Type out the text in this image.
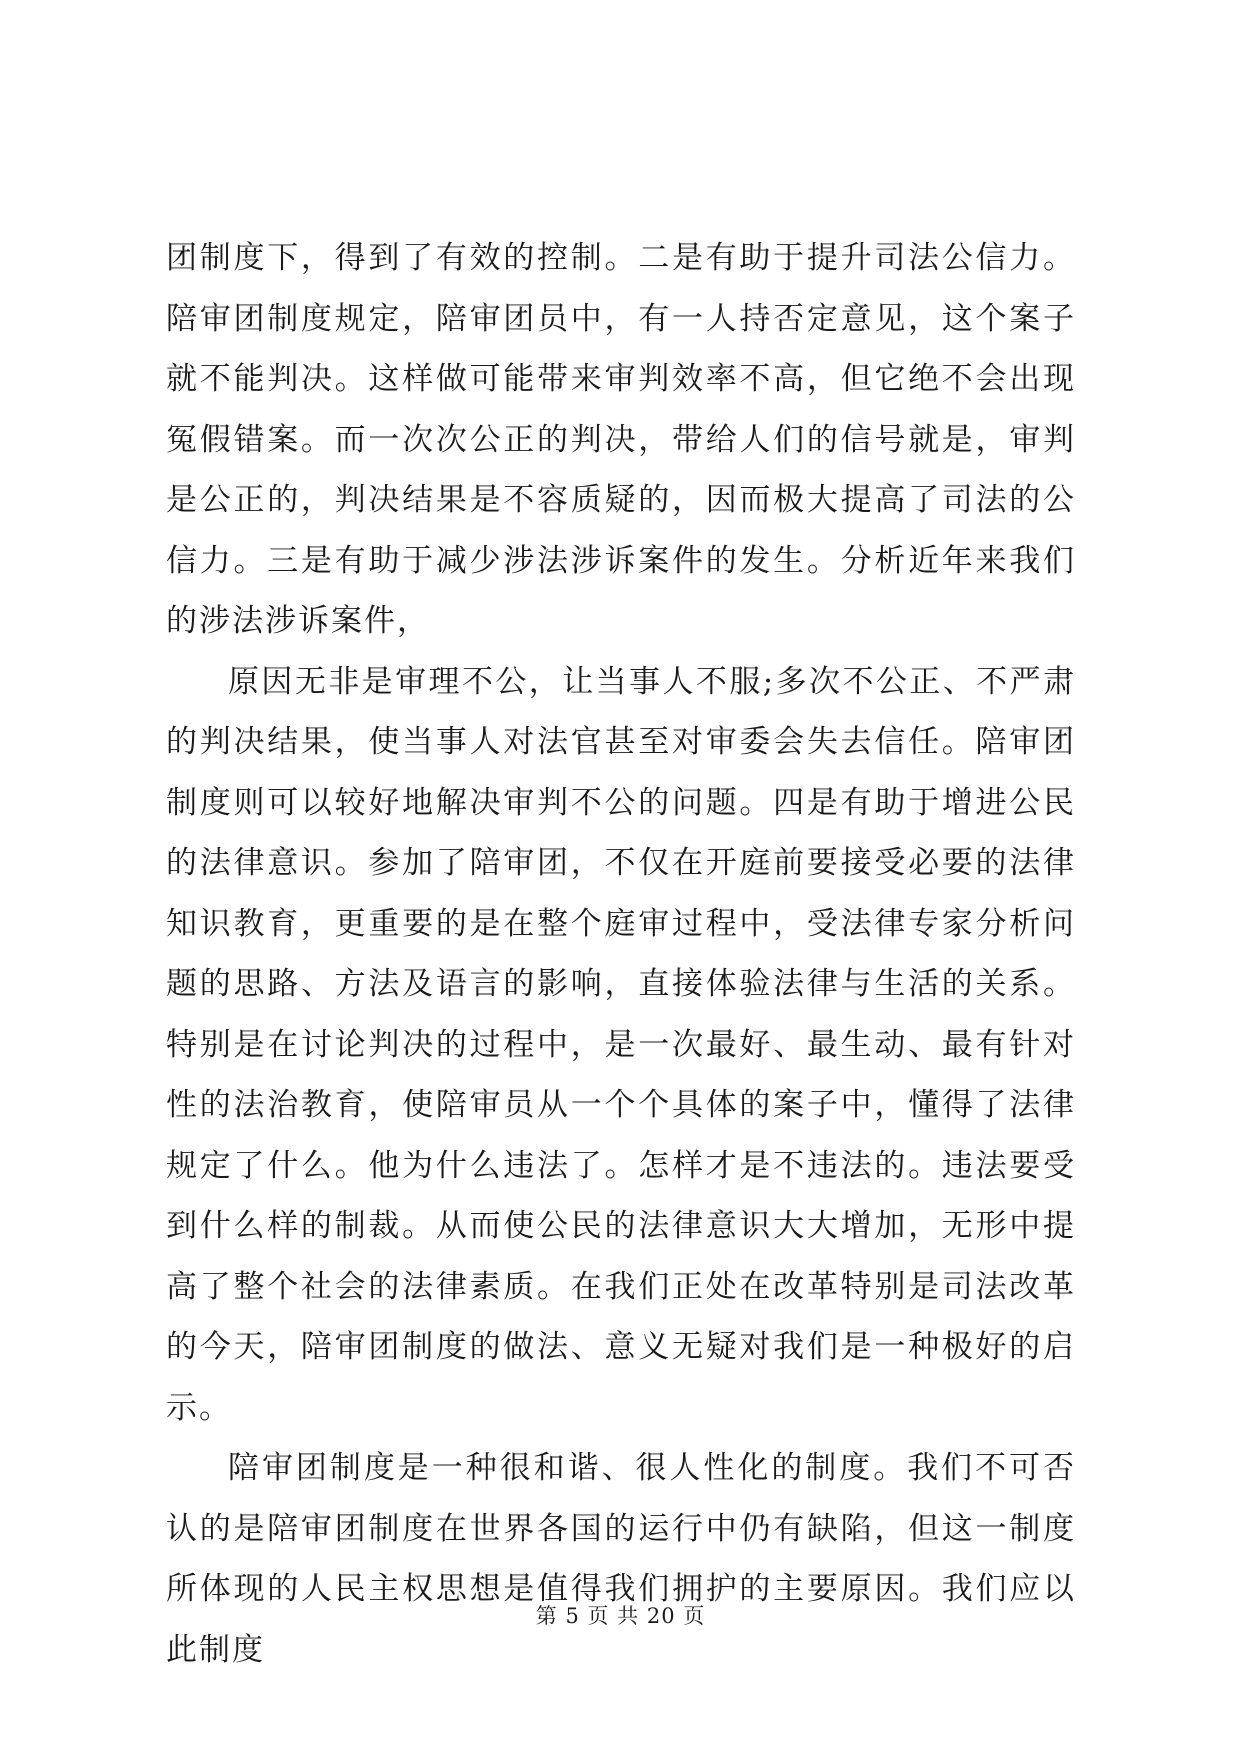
团制度下，得到了有效的控制。二是有助于提升司法公信力。陪审团制度规定，陪审团员中，有一人持否定意见，这个案子就不能判决。这样做可能带来审判效率不高，但它绝不会出现冤假错案。而一次次公正的判决，带给人们的信号就是，审判是公正的，判决结果是不容质疑的，因而极大提高了司法的公信力。三是有助于减少涉法涉诉案件的发生。分析近年来我们的涉法涉诉案件，

原因无非是审理不公，让当事人不服;多次不公正、不严肃的判决结果，使当事人对法官甚至对审委会失去信任。陪审团制度则可以较好地解决审判不公的问题。四是有助于增进公民的法律意识。参加了陪审团，不仅在开庭前要接受必要的法律知识教育，更重要的是在整个庭审过程中，受法律专家分析问题的思路、方法及语言的影响，直接体验法律与生活的关系。特别是在讨论判决的过程中，是一次最好、最生动、最有针对性的法治教育，使陪审员从一个个具体的案子中，懂得了法律规定了什么。他为什么违法了。怎样才是不违法的。违法要受到什么样的制裁。从而使公民的法律意识大大增加，无形中提高了整个社会的法律素质。在我们正处在改革特别是司法改革的今天，陪审团制度的做法、意义无疑对我们是一种极好的启示。

陪审团制度是一种很和谐、很人性化的制度。我们不可否认的是陪审团制度在世界各国的运行中仍有缺陷，但这一制度所体现的人民主权思想是值得我们拥护的主要原因。我们应以此制度

第 5 页 共 20 页
